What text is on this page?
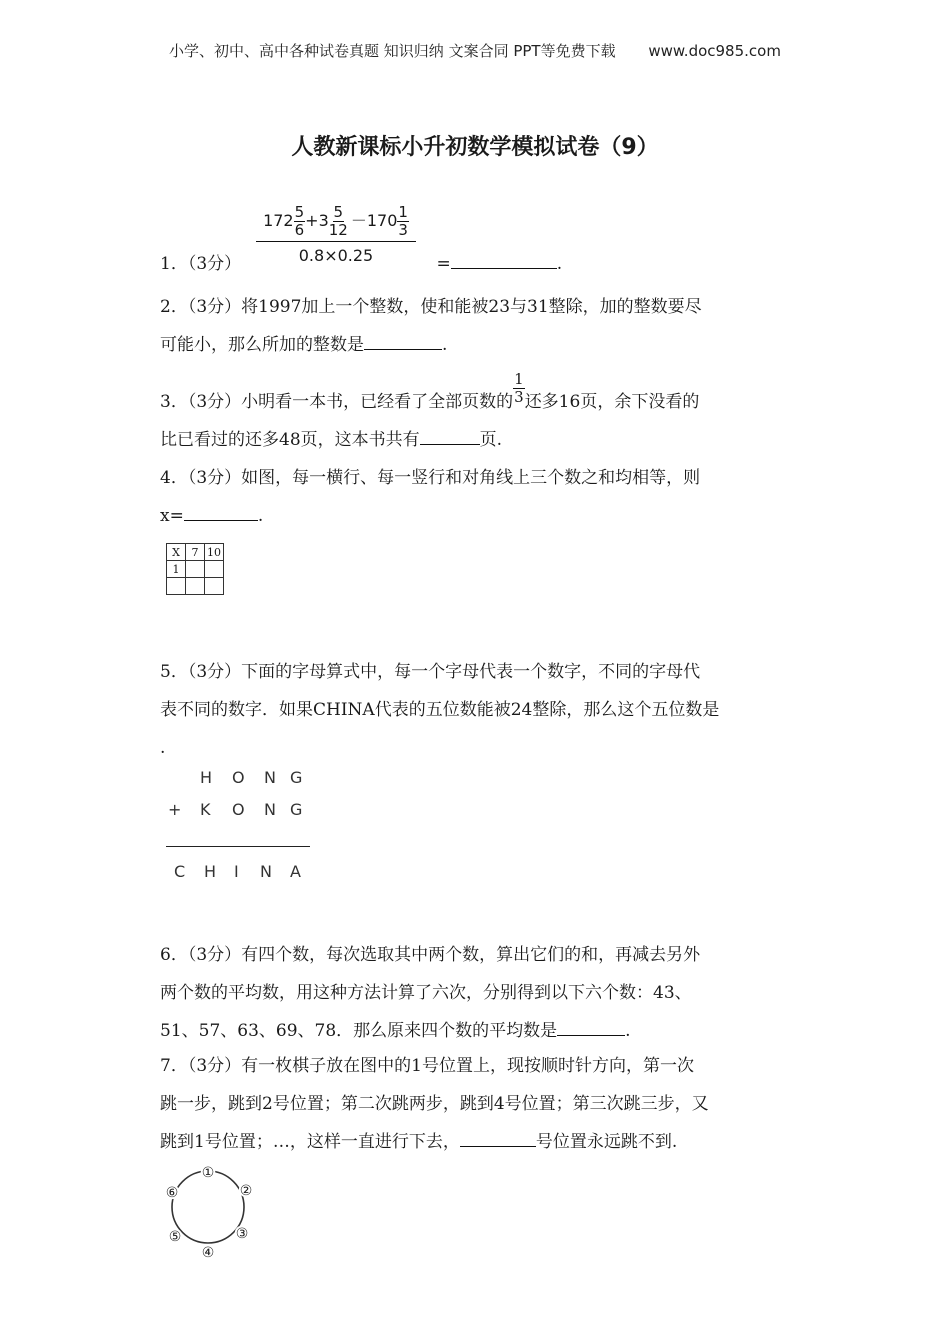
小学、初中、高中各种试卷真题 知识归纳 文案合同 PPT等免费下载 www.doc985.com
人教新课标小升初数学模拟试卷（9）
$172 \frac{5}{6} +3 \frac{5}{12} -170 \frac{1}{3}$
0.8×0.25
1．（3分）	=	.
2．（3分）将1997加上一个整数，使和能被23与31整除，加的整数要尽
可能小，那么所加的整数是	.
3．（3分）小明看一本书，已经看了全部页数的 $\frac{1}{3}$ 还多16页，余下没看的
比已看过的还多48页，这本书共有	页.
4．（3分）如图，每一横行、每一竖行和对角线上三个数之和均相等，则
x=	.
X	7	10
1		

5．（3分）下面的字母算式中，每一个字母代表一个数字，不同的字母代
表不同的数字．如果CHINA代表的五位数能被24整除，那么这个五位数是
.
H O N G
+ K O N G
C H I N A
6．（3分）有四个数，每次选取其中两个数，算出它们的和，再减去另外
两个数的平均数，用这种方法计算了六次，分别得到以下六个数：43、
51、57、63、69、78．那么原来四个数的平均数是	.
7．（3分）有一枚棋子放在图中的1号位置上，现按顺时针方向，第一次
跳一步，跳到2号位置；第二次跳两步，跳到4号位置；第三次跳三步，又
跳到1号位置；…，这样一直进行下去，	号位置永远跳不到.
①
②
③
④
⑤
⑥
